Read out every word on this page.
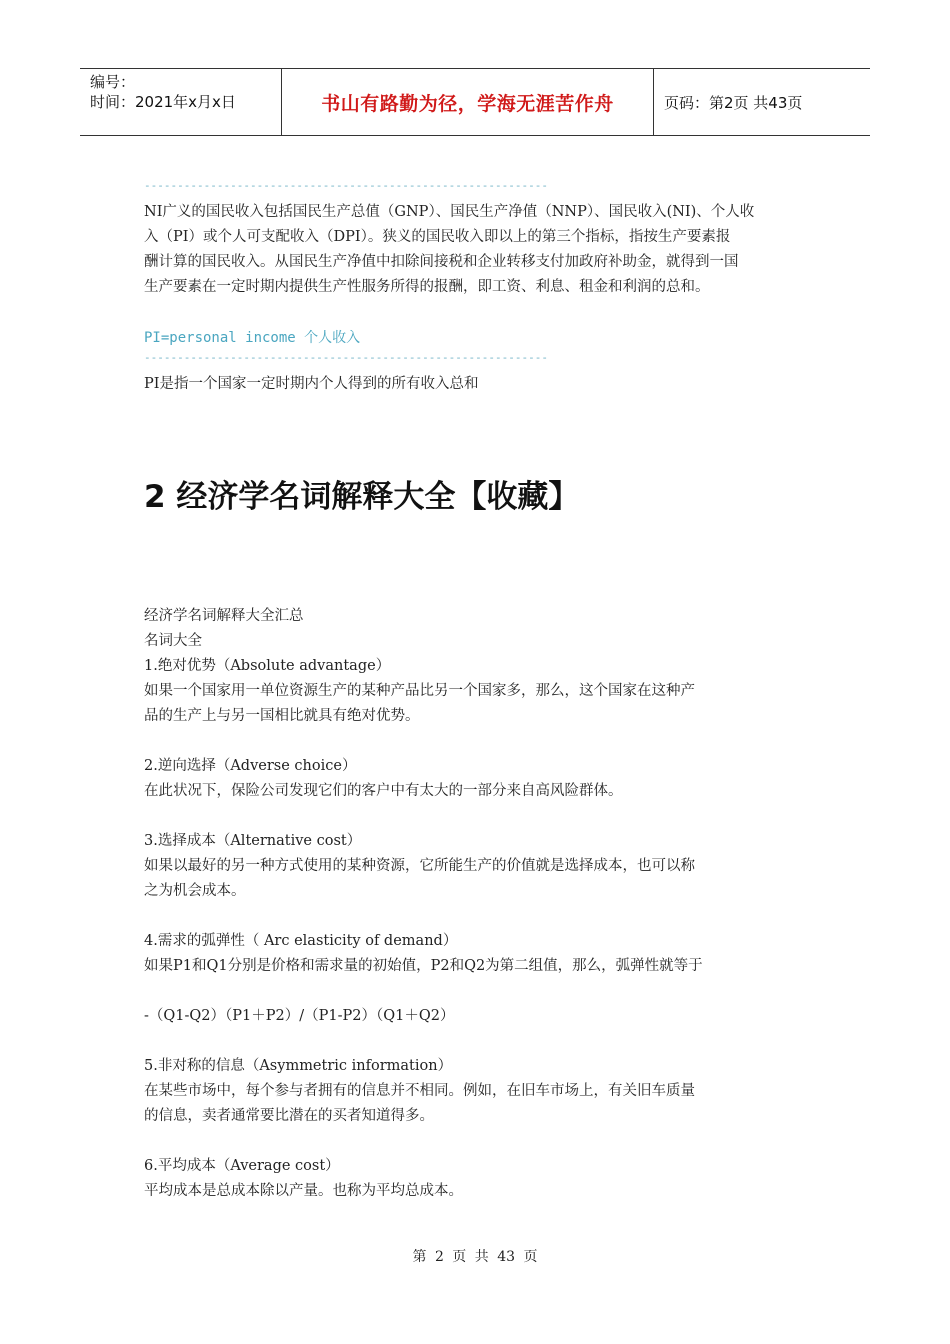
编号：
时间：2021年x月x日	书山有路勤为径，学海无涯苦作舟	页码：第2页 共43页
-------------------------------------------------------------

NI广义的国民收入包括国民生产总值（GNP）、国民生产净值（NNP）、国民收入(NI)、个人收

入（PI）或个人可支配收入（DPI）。狭义的国民收入即以上的第三个指标，指按生产要素报

酬计算的国民收入。从国民生产净值中扣除间接税和企业转移支付加政府补助金，就得到一国

生产要素在一定时期内提供生产性服务所得的报酬，即工资、利息、租金和利润的总和。

PI=personal income 个人收入

-------------------------------------------------------------

PI是指一个国家一定时期内个人得到的所有收入总和

2 经济学名词解释大全【收藏】

经济学名词解释大全汇总

名词大全

1.绝对优势（Absolute advantage）

如果一个国家用一单位资源生产的某种产品比另一个国家多，那么，这个国家在这种产

品的生产上与另一国相比就具有绝对优势。

2.逆向选择（Adverse choice）

在此状况下，保险公司发现它们的客户中有太大的一部分来自高风险群体。

3.选择成本（Alternative cost）

如果以最好的另一种方式使用的某种资源，它所能生产的价值就是选择成本，也可以称

之为机会成本。

4.需求的弧弹性（ Arc elasticity of demand）

如果P1和Q1分别是价格和需求量的初始值，P2和Q2为第二组值，那么，弧弹性就等于

-（Q1-Q2）（P1＋P2）/（P1-P2）（Q1＋Q2）

5.非对称的信息（Asymmetric information）

在某些市场中，每个参与者拥有的信息并不相同。例如，在旧车市场上，有关旧车质量

的信息，卖者通常要比潜在的买者知道得多。

6.平均成本（Average cost）

平均成本是总成本除以产量。也称为平均总成本。

第 2 页 共 43 页
